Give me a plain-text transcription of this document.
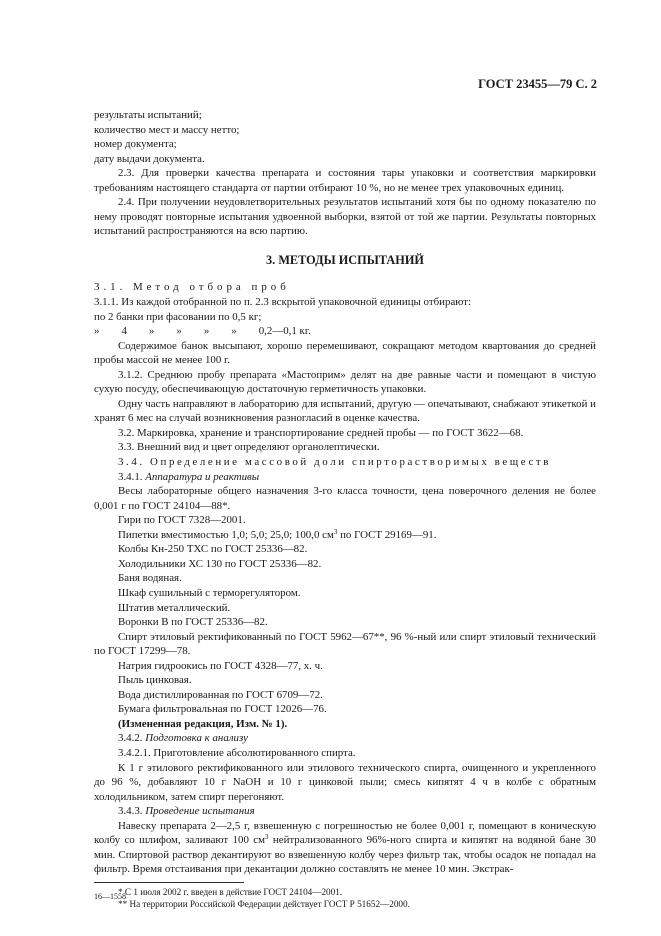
ГОСТ 23455—79 С. 2

результаты испытаний;

количество мест и массу нетто;

номер документа;

дату выдачи документа.

2.3. Для проверки качества препарата и состояния тары упаковки и соответствия маркировки требованиям настоящего стандарта от партии отбирают 10 %, но не менее трех упаковочных единиц.

2.4. При получении неудовлетворительных результатов испытаний хотя бы по одному показателю по нему проводят повторные испытания удвоенной выборки, взятой от той же партии. Результаты повторных испытаний распространяются на всю партию.

3. МЕТОДЫ ИСПЫТАНИЙ

3.1. Метод отбора проб

3.1.1. Из каждой отобранной по п. 2.3 вскрытой упаковочной единицы отбирают:

по 2 банки при фасовании по 0,5 кг;

» 4 » » » » 0,2—0,1 кг.

Содержимое банок высыпают, хорошо перемешивают, сокращают методом квартования до средней пробы массой не менее 100 г.

3.1.2. Среднюю пробу препарата «Мастоприм» делят на две равные части и помещают в чистую сухую посуду, обеспечивающую достаточную герметичность упаковки.

Одну часть направляют в лабораторию для испытаний, другую — опечатывают, снабжают этикеткой и хранят 6 мес на случай возникновения разногласий в оценке качества.

3.2. Маркировка, хранение и транспортирование средней пробы — по ГОСТ 3622—68.

3.3. Внешний вид и цвет определяют органолептически.

3.4. Определение массовой доли спирторастворимых веществ

3.4.1. Аппаратура и реактивы

Весы лабораторные общего назначения 3-го класса точности, цена поверочного деления не более 0,001 г по ГОСТ 24104—88*.

Гири по ГОСТ 7328—2001.

Пипетки вместимостью 1,0; 5,0; 25,0; 100,0 $см^3$ по ГОСТ 29169—91.

Колбы Кн-250 ТХС по ГОСТ 25336—82.

Холодильники ХС 130 по ГОСТ 25336—82.

Баня водяная.

Шкаф сушильный с терморегулятором.

Штатив металлический.

Воронки В по ГОСТ 25336—82.

Спирт этиловый ректификованный по ГОСТ 5962—67**, 96 %-ный или спирт этиловый технический по ГОСТ 17299—78.

Натрия гидроокись по ГОСТ 4328—77, х. ч.

Пыль цинковая.

Вода дистиллированная по ГОСТ 6709—72.

Бумага фильтровальная по ГОСТ 12026—76.

(Измененная редакция, Изм. № 1).

3.4.2. Подготовка к анализу

3.4.2.1. Приготовление абсолютированного спирта.

К 1 г этилового ректификованного или этилового технического спирта, очищенного и укрепленного до 96 %, добавляют 10 г NaOH и 10 г цинковой пыли; смесь кипятят 4 ч в колбе с обратным холодильником, затем спирт перегоняют.

3.4.3. Проведение испытания

Навеску препарата 2—2,5 г, взвешенную с погрешностью не более 0,001 г, помещают в коническую колбу со шлифом, заливают 100 $см^3$ нейтрализованного 96%-ного спирта и кипятят на водяной бане 30 мин. Спиртовой раствор декантируют во взвешенную колбу через фильтр так, чтобы осадок не попадал на фильтр. Время отстаивания при декантации должно составлять не менее 10 мин. Экстрак-

* С 1 июля 2002 г. введен в действие ГОСТ 24104—2001.

** На территории Российской Федерации действует ГОСТ Р 51652—2000.

16—1558
